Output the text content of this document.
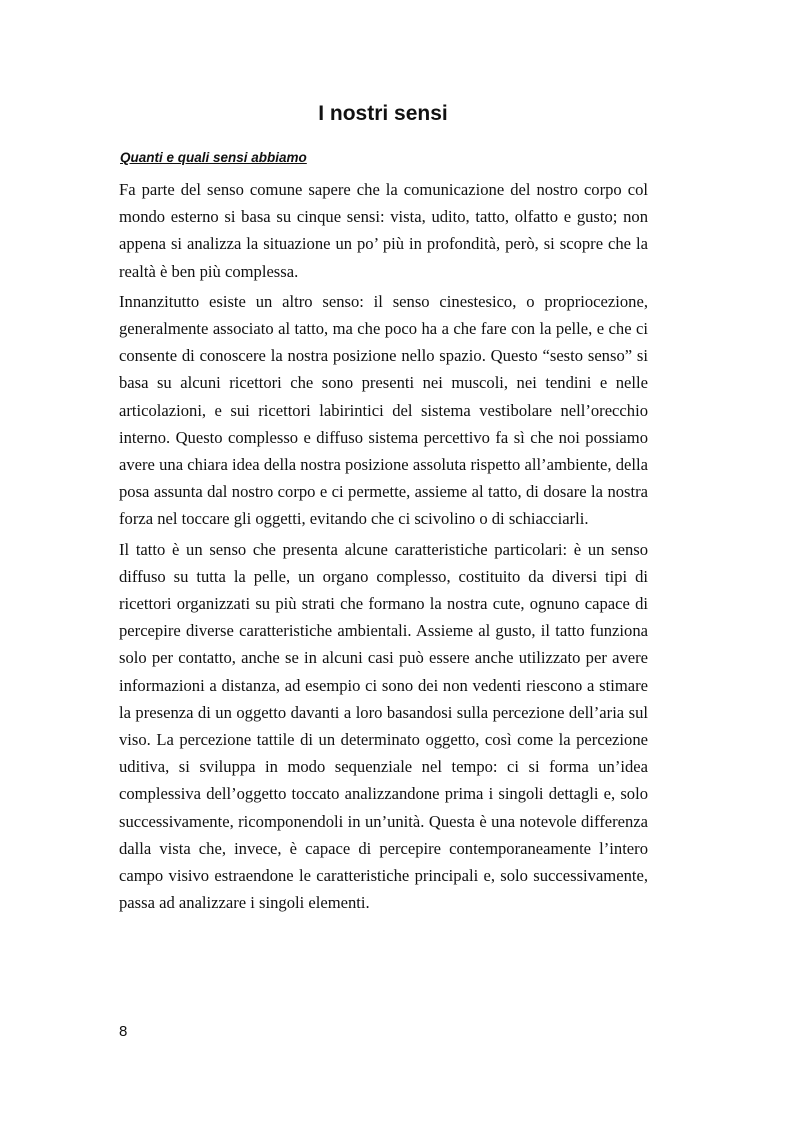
I nostri sensi
Quanti e quali sensi abbiamo

Fa parte del senso comune sapere che la comunicazione del nostro corpo col mondo esterno si basa su cinque sensi: vista, udito, tatto, olfatto e gusto; non appena si analizza la situazione un po’ più in profondità, però, si scopre che la realtà è ben più complessa.

Innanzitutto esiste un altro senso: il senso cinestesico, o propriocezione, generalmente associato al tatto, ma che poco ha a che fare con la pelle, e che ci consente di conoscere la nostra posizione nello spazio. Questo “sesto senso” si basa su alcuni ricettori che sono presenti nei muscoli, nei tendini e nelle articolazioni, e sui ricettori labirintici del sistema vestibolare nell’orecchio interno. Questo complesso e diffuso sistema percettivo fa sì che noi possiamo avere una chiara idea della nostra posizione assoluta rispetto all’ambiente, della posa assunta dal nostro corpo e ci permette, assieme al tatto, di dosare la nostra forza nel toccare gli oggetti, evitando che ci scivolino o di schiacciarli.

Il tatto è un senso che presenta alcune caratteristiche particolari: è un senso diffuso su tutta la pelle, un organo complesso, costituito da diversi tipi di ricettori organizzati su più strati che formano la nostra cute, ognuno capace di percepire diverse caratteristiche ambientali. Assieme al gusto, il tatto funziona solo per contatto, anche se in alcuni casi può essere anche utilizzato per avere informazioni a distanza, ad esempio ci sono dei non vedenti riescono a stimare la presenza di un oggetto davanti a loro basandosi sulla percezione dell’aria sul viso. La percezione tattile di un determinato oggetto, così come la percezione uditiva, si sviluppa in modo sequenziale nel tempo: ci si forma un’idea complessiva dell’oggetto toccato analizzandone prima i singoli dettagli e, solo successivamente, ricomponendoli in un’unità. Questa è una notevole differenza dalla vista che, invece, è capace di percepire contemporaneamente l’intero campo visivo estraendone le caratteristiche principali e, solo successivamente, passa ad analizzare i singoli elementi.

8
